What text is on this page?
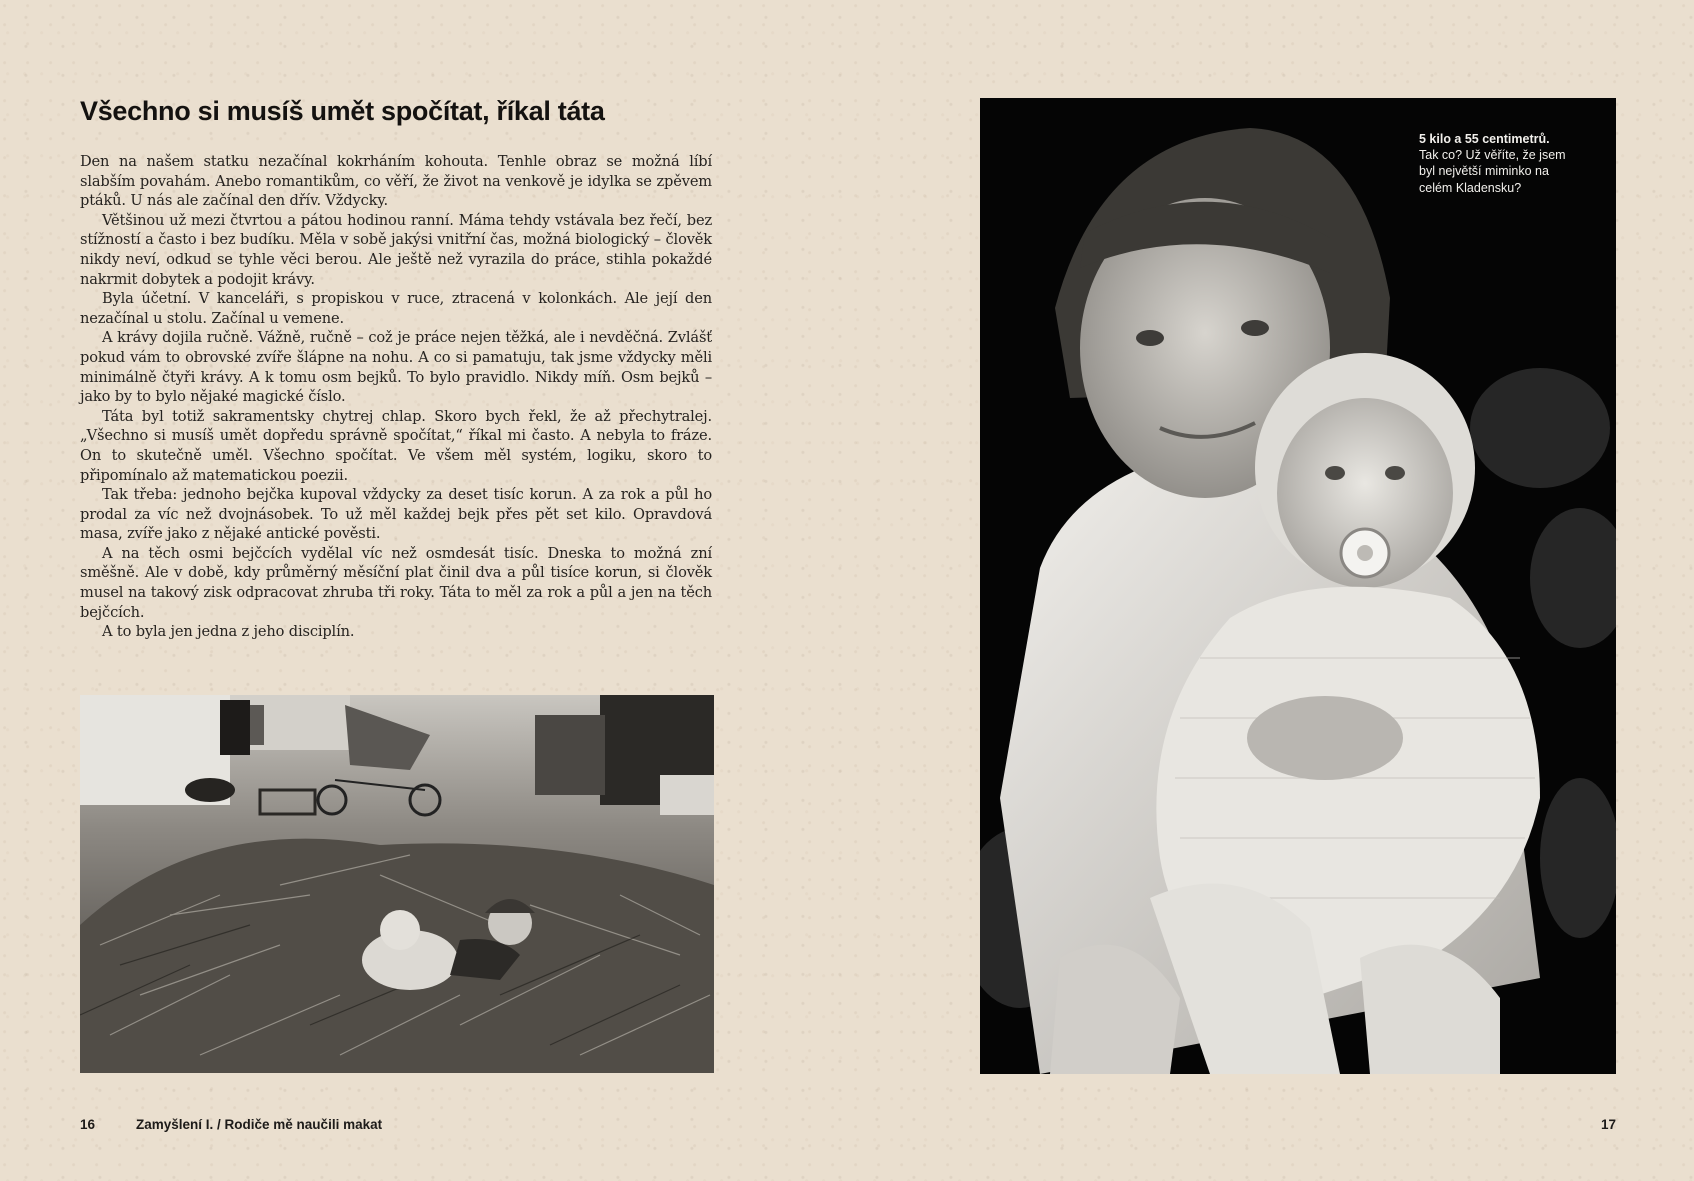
Všechno si musíš umět spočítat, říkal táta

Den na našem statku nezačínal kokrháním kohouta. Tenhle obraz se možná líbí slabším povahám. Anebo romantikům, co věří, že život na venkově je idylka se zpěvem ptáků. U nás ale začínal den dřív. Vždycky.

Většinou už mezi čtvrtou a pátou hodinou ranní. Máma tehdy vstávala bez řečí, bez stížností a často i bez budíku. Měla v sobě jakýsi vnitřní čas, možná biologický – člověk nikdy neví, odkud se tyhle věci berou. Ale ještě než vyrazila do práce, stihla pokaždé nakrmit dobytek a podojit krávy.

Byla účetní. V kanceláři, s propiskou v ruce, ztracená v kolonkách. Ale její den nezačínal u stolu. Začínal u vemene.

A krávy dojila ručně. Vážně, ručně – což je práce nejen těžká, ale i nevděčná. Zvlášť pokud vám to obrovské zvíře šlápne na nohu. A co si pamatuju, tak jsme vždycky měli minimálně čtyři krávy. A k tomu osm bejků. To bylo pravidlo. Nikdy míň. Osm bejků – jako by to bylo nějaké magické číslo.

Táta byl totiž sakramentsky chytrej chlap. Skoro bych řekl, že až přechytralej. „Všechno si musíš umět dopředu správně spočítat,“ říkal mi často. A nebyla to fráze. On to skutečně uměl. Všechno spočítat. Ve všem měl systém, logiku, skoro to připomínalo až matematickou poezii.

Tak třeba: jednoho bejčka kupoval vždycky za deset tisíc korun. A za rok a půl ho prodal za víc než dvojnásobek. To už měl každej bejk přes pět set kilo. Opravdová masa, zvíře jako z nějaké antické pověsti.

A na těch osmi bejčcích vydělal víc než osmdesát tisíc. Dneska to možná zní směšně. Ale v době, kdy průměrný měsíční plat činil dva a půl tisíce korun, si člověk musel na takový zisk odpracovat zhruba tři roky. Táta to měl za rok a půl a jen na těch bejčcích.

A to byla jen jedna z jeho disciplín.

16	Zamyšlení I. / Rodiče mě naučili makat
5 kilo a 55 centimetrů. Tak co? Už věříte, že jsem byl největší miminko na celém Kladensku?
17
